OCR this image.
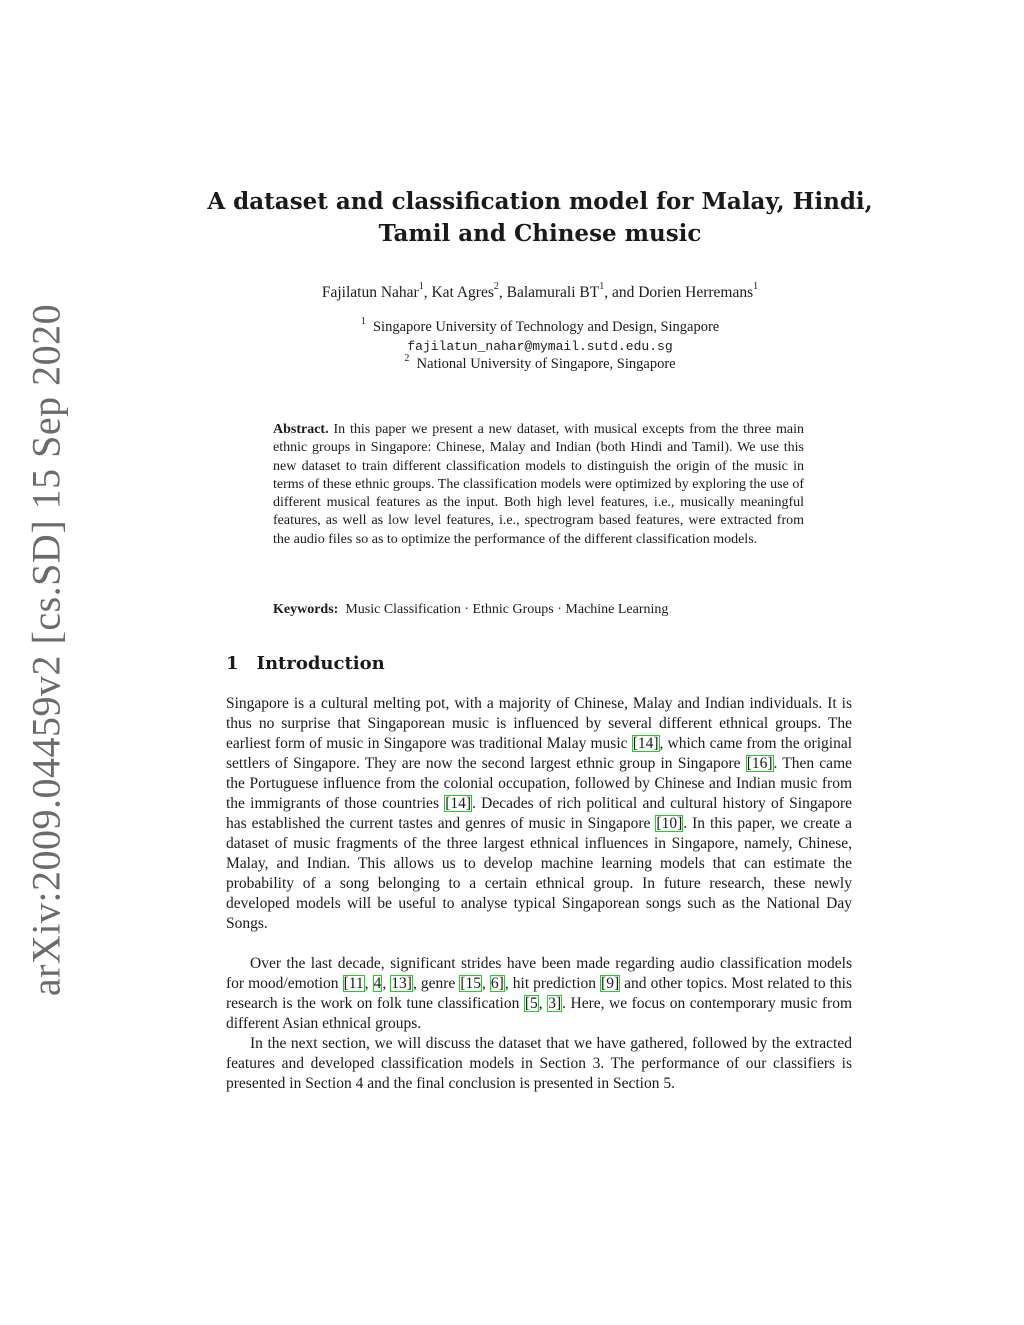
arXiv:2009.04459v2 [cs.SD] 15 Sep 2020
A dataset and classification model for Malay, Hindi,
Tamil and Chinese music
Fajilatun Nahar$^1$, Kat Agres$^2$, Balamurali $BT^1$, and Dorien Herremans$^1$
$^1$ Singapore University of Technology and Design, Singapore
fajilatun_nahar@mymail.sutd.edu.sg
$^2$ National University of Singapore, Singapore

Abstract. In this paper we present a new dataset, with musical excepts from the three main ethnic groups in Singapore: Chinese, Malay and Indian (both Hindi and Tamil). We use this new dataset to train different classification models to distinguish the origin of the music in terms of these ethnic groups. The classification models were optimized by exploring the use of different musical features as the input. Both high level features, i.e., musically meaningful features, as well as low level features, i.e., spectrogram based features, were extracted from the audio files so as to optimize the performance of the different classification models.

Keywords: Music Classification · Ethnic Groups · Machine Learning
1 Introduction

Singapore is a cultural melting pot, with a majority of Chinese, Malay and Indian individuals. It is thus no surprise that Singaporean music is influenced by several different ethnical groups. The earliest form of music in Singapore was traditional Malay music [14], which came from the original settlers of Singapore. They are now the second largest ethnic group in Singapore [16]. Then came the Portuguese influence from the colonial occupation, followed by Chinese and Indian music from the immigrants of those countries [14]. Decades of rich political and cultural history of Singapore has established the current tastes and genres of music in Singapore [10]. In this paper, we create a dataset of music fragments of the three largest ethnical influences in Singapore, namely, Chinese, Malay, and Indian. This allows us to develop machine learning models that can estimate the probability of a song belonging to a certain ethnical group. In future research, these newly developed models will be useful to analyse typical Singaporean songs such as the National Day Songs.

Over the last decade, significant strides have been made regarding audio classification models for mood/emotion [11, 4, 13], genre [15, 6], hit prediction [9] and other topics. Most related to this research is the work on folk tune classification [5, 3]. Here, we focus on contemporary music from different Asian ethnical groups.

In the next section, we will discuss the dataset that we have gathered, followed by the extracted features and developed classification models in Section 3. The performance of our classifiers is presented in Section 4 and the final conclusion is presented in Section 5.
